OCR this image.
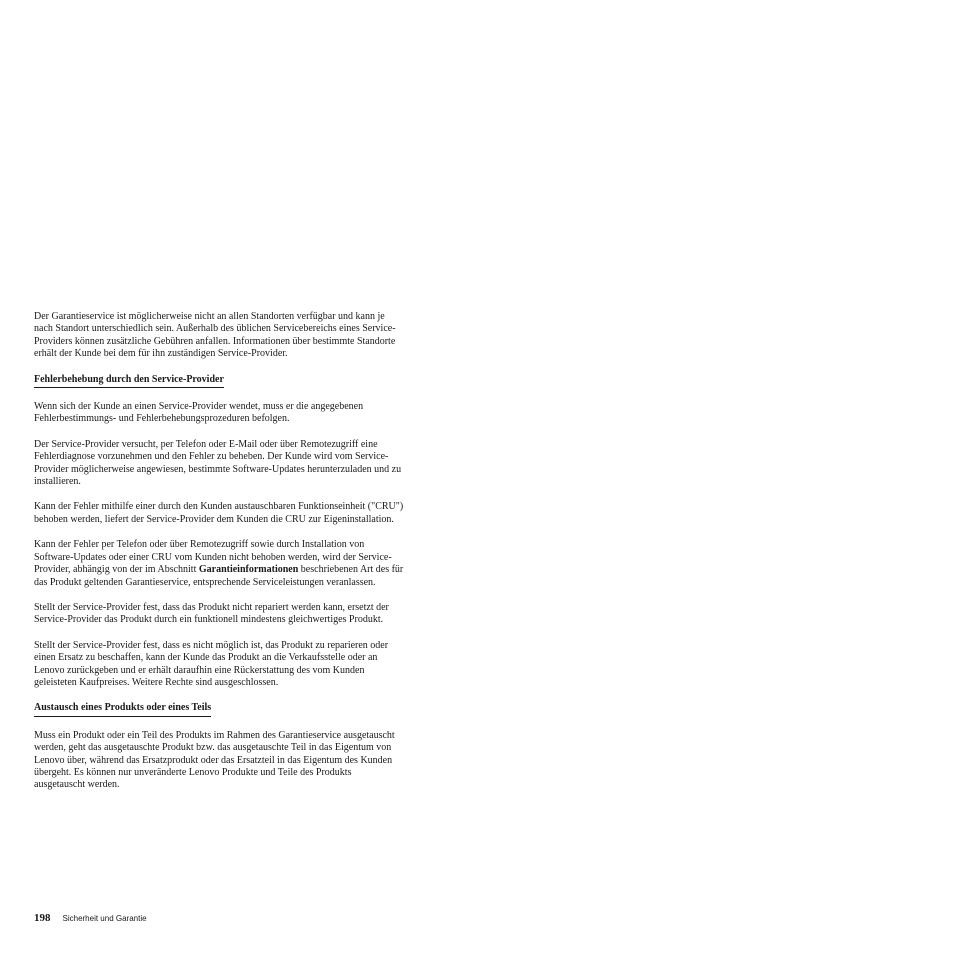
Der Garantieservice ist möglicherweise nicht an allen Standorten verfügbar und kann je nach Standort unterschiedlich sein. Außerhalb des üblichen Servicebereichs eines Service-Providers können zusätzliche Gebühren anfallen. Informationen über bestimmte Standorte erhält der Kunde bei dem für ihn zuständigen Service-Provider.

Fehlerbehebung durch den Service-Provider

Wenn sich der Kunde an einen Service-Provider wendet, muss er die angegebenen Fehlerbestimmungs- und Fehlerbehebungsprozeduren befolgen.

Der Service-Provider versucht, per Telefon oder E-Mail oder über Remotezugriff eine Fehlerdiagnose vorzunehmen und den Fehler zu beheben. Der Kunde wird vom Service-Provider möglicherweise angewiesen, bestimmte Software-Updates herunterzuladen und zu installieren.

Kann der Fehler mithilfe einer durch den Kunden austauschbaren Funktionseinheit ("CRU") behoben werden, liefert der Service-Provider dem Kunden die CRU zur Eigeninstallation.

Kann der Fehler per Telefon oder über Remotezugriff sowie durch Installation von Software-Updates oder einer CRU vom Kunden nicht behoben werden, wird der Service-Provider, abhängig von der im Abschnitt Garantieinformationen beschriebenen Art des für das Produkt geltenden Garantieservice, entsprechende Serviceleistungen veranlassen.

Stellt der Service-Provider fest, dass das Produkt nicht repariert werden kann, ersetzt der Service-Provider das Produkt durch ein funktionell mindestens gleichwertiges Produkt.

Stellt der Service-Provider fest, dass es nicht möglich ist, das Produkt zu reparieren oder einen Ersatz zu beschaffen, kann der Kunde das Produkt an die Verkaufsstelle oder an Lenovo zurückgeben und er erhält daraufhin eine Rückerstattung des vom Kunden geleisteten Kaufpreises. Weitere Rechte sind ausgeschlossen.

Austausch eines Produkts oder eines Teils

Muss ein Produkt oder ein Teil des Produkts im Rahmen des Garantieservice ausgetauscht werden, geht das ausgetauschte Produkt bzw. das ausgetauschte Teil in das Eigentum von Lenovo über, während das Ersatzprodukt oder das Ersatzteil in das Eigentum des Kunden übergeht. Es können nur unveränderte Lenovo Produkte und Teile des Produkts ausgetauscht werden.

198 Sicherheit und Garantie
